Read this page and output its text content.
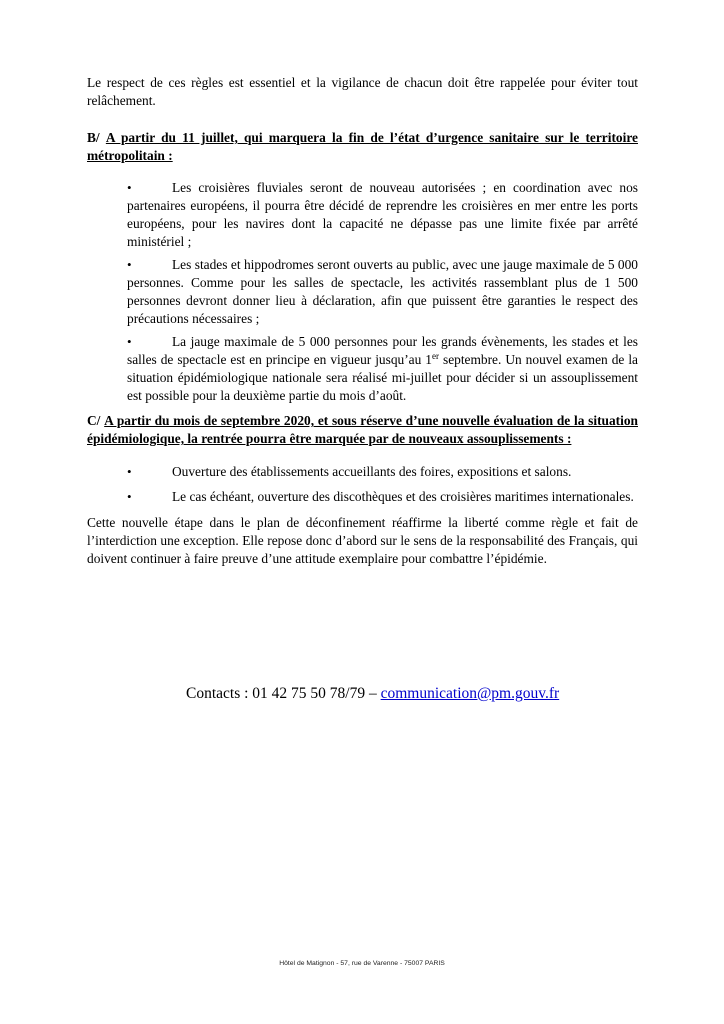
Le respect de ces règles est essentiel et la vigilance de chacun doit être rappelée pour éviter tout
relâchement.
B/ A partir du 11 juillet, qui marquera la fin de l’état d’urgence sanitaire sur le territoire
métropolitain :
•	Les croisières fluviales seront de nouveau autorisées ; en coordination avec nos
partenaires européens, il pourra être décidé de reprendre les croisières en mer entre les ports
européens, pour les navires dont la capacité ne dépasse pas une limite fixée par arrêté
ministériel ;
•	Les stades et hippodromes seront ouverts au public, avec une jauge maximale de 5 000
personnes. Comme pour les salles de spectacle, les activités rassemblant plus de 1 500
personnes devront donner lieu à déclaration, afin que puissent être garanties le respect des
précautions nécessaires ;
•	La jauge maximale de 5 000 personnes pour les grands évènements, les stades et les
salles de spectacle est en principe en vigueur jusqu’au 1er septembre. Un nouvel examen de la
situation épidémiologique nationale sera réalisé mi-juillet pour décider si un assouplissement
est possible pour la deuxième partie du mois d’août.
C/ A partir du mois de septembre 2020, et sous réserve d’une nouvelle évaluation de la situation
épidémiologique, la rentrée pourra être marquée par de nouveaux assouplissements :
•	Ouverture des établissements accueillants des foires, expositions et salons.
•	Le cas échéant, ouverture des discothèques et des croisières maritimes internationales.
Cette nouvelle étape dans le plan de déconfinement réaffirme la liberté comme règle et fait de
l’interdiction une exception. Elle repose donc d’abord sur le sens de la responsabilité des Français, qui
doivent continuer à faire preuve d’une attitude exemplaire pour combattre l’épidémie.
Contacts : 01 42 75 50 78/79 – communication@pm.gouv.fr
Hôtel de Matignon - 57, rue de Varenne - 75007 PARIS
